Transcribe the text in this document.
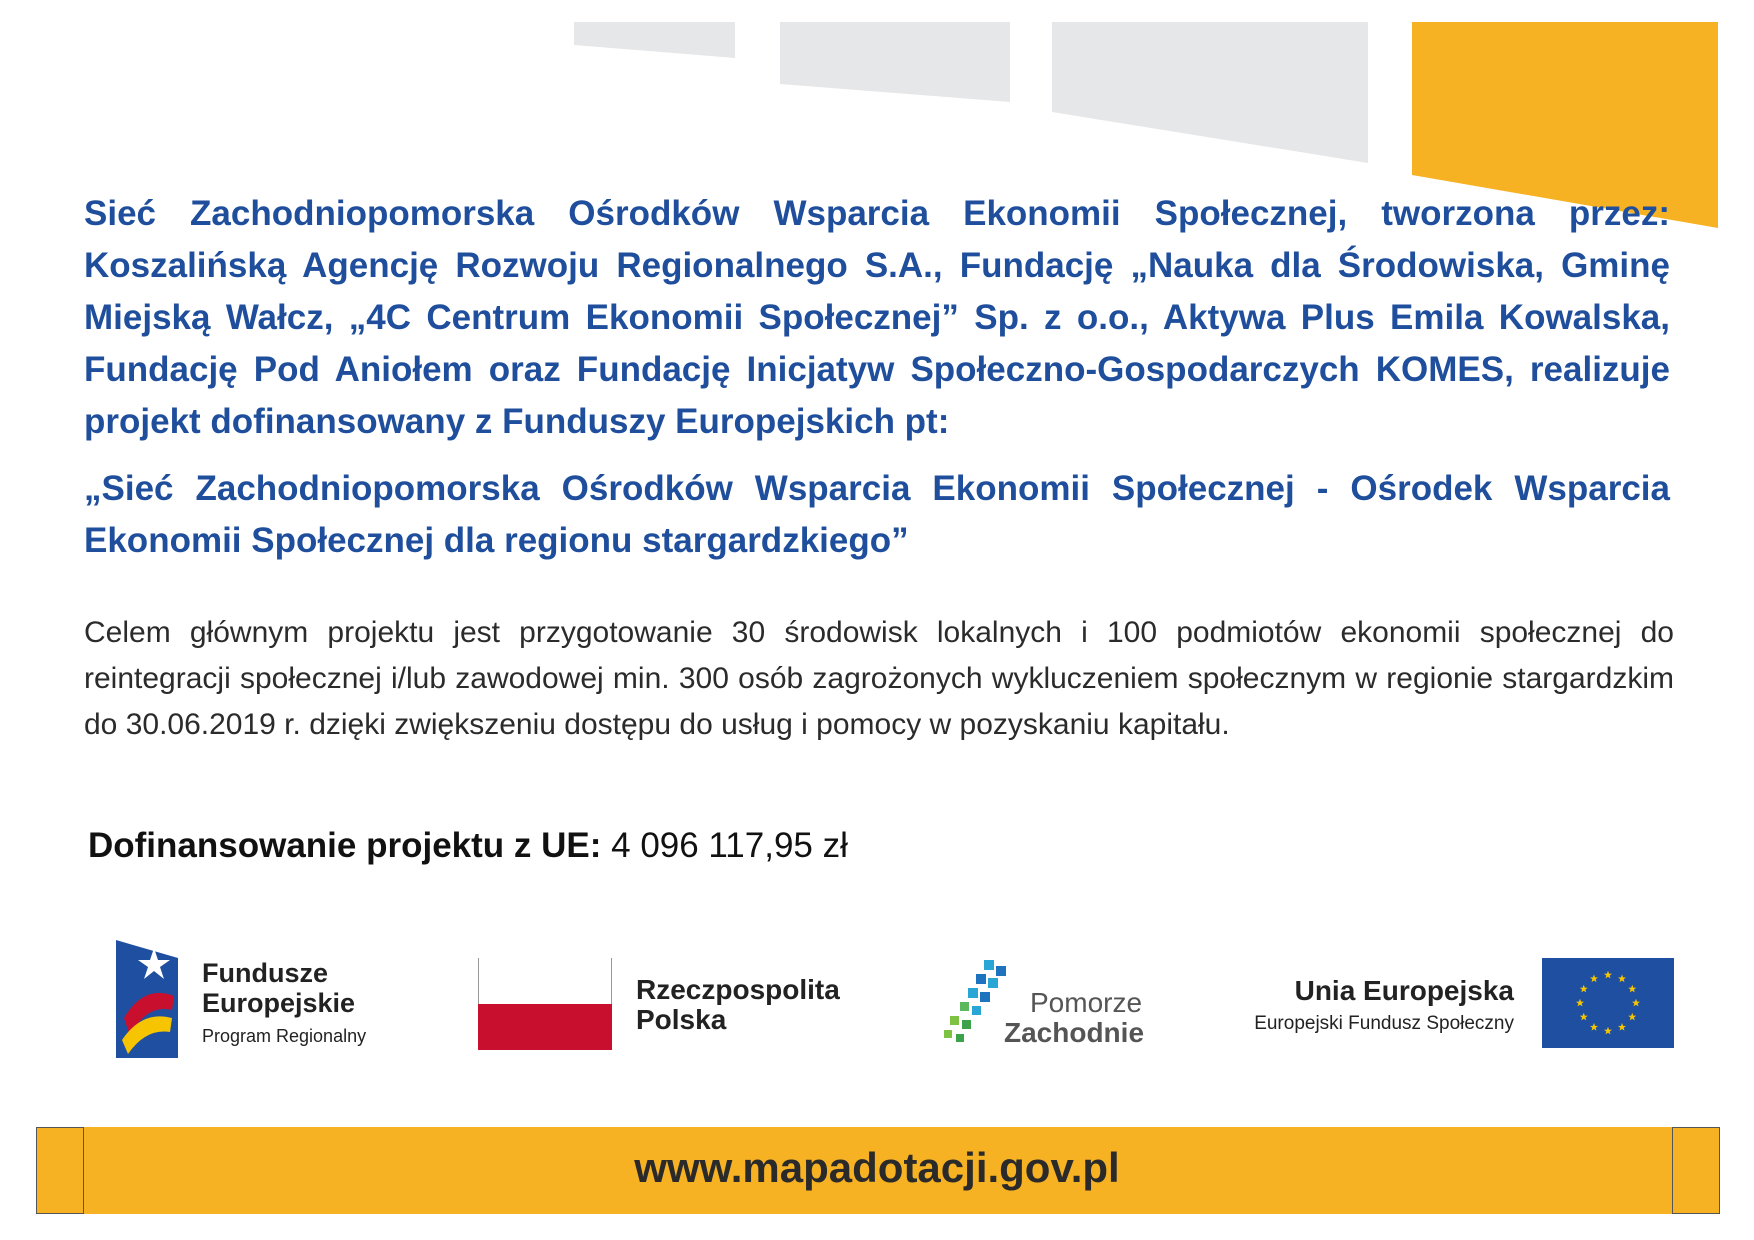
Sieć Zachodniopomorska Ośrodków Wsparcia Ekonomii Społecznej, tworzona przez: Koszalińską Agencję Rozwoju Regionalnego S.A., Fundację „Nauka dla Środowiska, Gminę Miejską Wałcz, „4C Centrum Ekonomii Społecznej” Sp. z o.o., Aktywa Plus Emila Kowalska, Fundację Pod Aniołem oraz Fundację Inicjatyw Społeczno-Gospodarczych KOMES, realizuje projekt dofinansowany z Funduszy Europejskich pt:
„Sieć Zachodniopomorska Ośrodków Wsparcia Ekonomii Społecznej - Ośrodek Wsparcia Ekonomii Społecznej dla regionu stargardzkiego”
Celem głównym projektu jest przygotowanie 30 środowisk lokalnych i 100 podmiotów ekonomii społecznej do reintegracji społecznej i/lub zawodowej min. 300 osób zagrożonych wykluczeniem społecznym w regionie stargardzkim do 30.06.2019 r. dzięki zwiększeniu dostępu do usług i pomocy w pozyskaniu kapitału.
Dofinansowanie projektu z UE: 4 096 117,95 zł
Fundusze
Europejskie
Program Regionalny
Rzeczpospolita
Polska
Pomorze
Zachodnie
Unia Europejska
Europejski Fundusz Społeczny
www.mapadotacji.gov.pl
